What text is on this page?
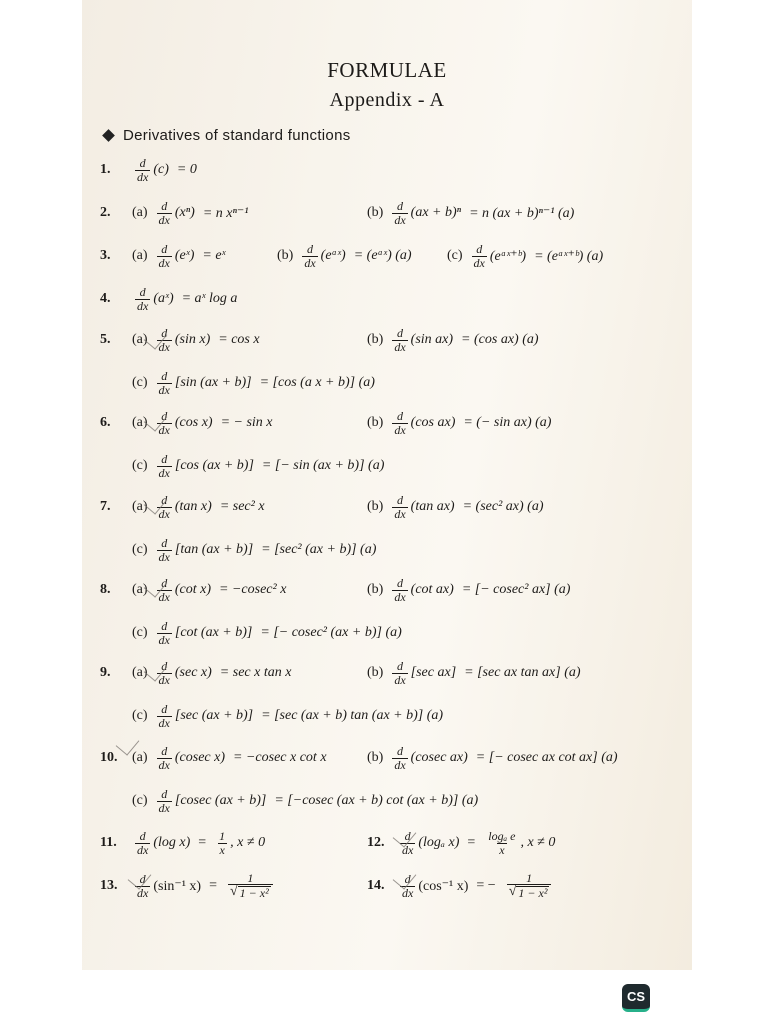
FORMULAE
Appendix - A
Derivatives of standard functions
1. $\frac{d}{dx} (c) = 0$
2. $(a) \frac{d}{dx} (x^n) = n$ xⁿ⁻¹	$(b) \frac{d}{dx} (ax + b)^n = n$ (ax + b)ⁿ⁻¹ (a)
3. $(a) \frac{d}{dx}$ (eˣ) = eˣ	$(b) \frac{d}{dx}$ (eᵃˣ) = (eᵃˣ) (a)	$(c) \frac{d}{dx}$ (eᵃˣ⁺ᵇ) = (eᵃˣ⁺ᵇ) (a)
4. $\frac{d}{dx}$ (aˣ) = aˣ log a
5. $(a) \frac{d}{dx} (\sin$ x) = cos x	$(b) \frac{d}{dx} (\sin$ ax) = (cos ax) (a)
$(c) \frac{d}{dx} [\sin$ (ax + b)] = [cos (a x + b)] (a)
6. $(a) \frac{d}{dx} (\cos$ x) = − sin x	$(b) \frac{d}{dx} (\cos$ ax) = (− sin ax) (a)
$(c) \frac{d}{dx} [\cos$ (ax + b)] = [− sin (ax + b)] (a)
7. $(a) \frac{d}{dx} (\tan$ x) = sec² x	$(b) \frac{d}{dx} (\tan$ ax) = (sec² ax) (a)
$(c) \frac{d}{dx} [\tan$ (ax + b)] = [sec² (ax + b)] (a)
8. $(a) \frac{d}{dx} (\cot$ x) = −cosec² x	$(b) \frac{d}{dx} (\cot$ ax) = [− cosec² ax] (a)
$(c) \frac{d}{dx} [\cot$ (ax + b)] = [− cosec² (ax + b)] (a)
9. $(a) \frac{d}{dx} (\sec$ x) = sec x tan x	$(b) \frac{d}{dx} [\sec$ ax] = [sec ax tan ax] (a)
$(c) \frac{d}{dx} [\sec$ (ax + b)] = [sec (ax + b) tan (ax + b)] (a)
10. $(a) \frac{d}{dx} (cosec$ x) = −cosec x cot x	$(b) \frac{d}{dx} (cosec$ ax) = [− cosec ax cot ax] (a)
$(c) \frac{d}{dx} [cosec$ (ax + b)] = [−cosec (ax + b) cot (ax + b)] (a)
11. $\frac{d}{dx} (\log$ $x) = \frac{1}{x}$ , x ≠ 0	12. $\frac{d}{dx} (\log_a$ $x) = \frac{\text{logₐ e}}{x}$ , x ≠ 0
13. $\frac{d}{dx} (\sin^{-1}$ $x) = \frac{1}{\text{√ 1 − x²}}$	14. $\frac{d}{dx} (\cos^{-1}$ x) = − $\frac{1}{\text{√ 1 − x²}}$
CS
